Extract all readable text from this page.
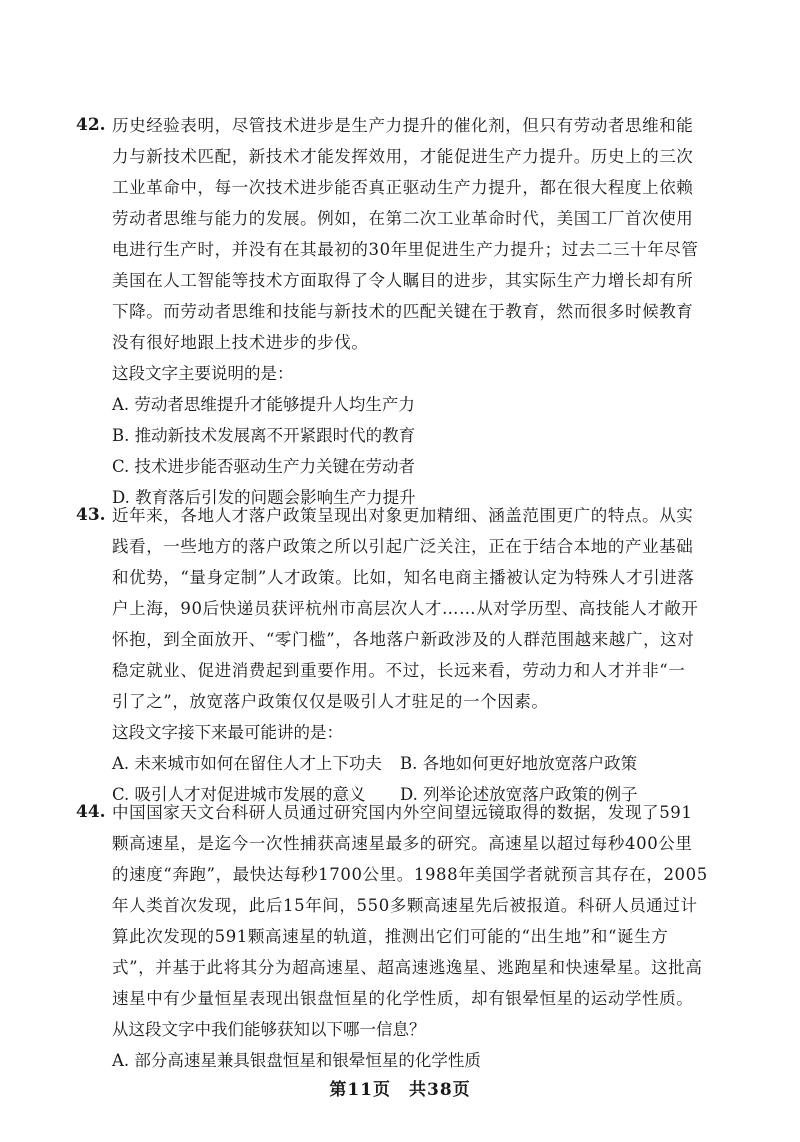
42. 历史经验表明，尽管技术进步是生产力提升的催化剂，但只有劳动者思维和能
力与新技术匹配，新技术才能发挥效用，才能促进生产力提升。历史上的三次
工业革命中，每一次技术进步能否真正驱动生产力提升，都在很大程度上依赖
劳动者思维与能力的发展。例如，在第二次工业革命时代，美国工厂首次使用
电进行生产时，并没有在其最初的30年里促进生产力提升；过去二三十年尽管
美国在人工智能等技术方面取得了令人瞩目的进步，其实际生产力增长却有所
下降。而劳动者思维和技能与新技术的匹配关键在于教育，然而很多时候教育
没有很好地跟上技术进步的步伐。
这段文字主要说明的是：
A. 劳动者思维提升才能够提升人均生产力
B. 推动新技术发展离不开紧跟时代的教育
C. 技术进步能否驱动生产力关键在劳动者
D. 教育落后引发的问题会影响生产力提升
43. 近年来，各地人才落户政策呈现出对象更加精细、涵盖范围更广的特点。从实
践看，一些地方的落户政策之所以引起广泛关注，正在于结合本地的产业基础
和优势，“量身定制”人才政策。比如，知名电商主播被认定为特殊人才引进落
户上海，90后快递员获评杭州市高层次人才……从对学历型、高技能人才敞开
怀抱，到全面放开、“零门槛”，各地落户新政涉及的人群范围越来越广，这对
稳定就业、促进消费起到重要作用。不过，长远来看，劳动力和人才并非“一
引了之”，放宽落户政策仅仅是吸引人才驻足的一个因素。
这段文字接下来最可能讲的是：
A. 未来城市如何在留住人才上下功夫 B. 各地如何更好地放宽落户政策
C. 吸引人才对促进城市发展的意义 D. 列举论述放宽落户政策的例子
44. 中国国家天文台科研人员通过研究国内外空间望远镜取得的数据，发现了591
颗高速星，是迄今一次性捕获高速星最多的研究。高速星以超过每秒400公里
的速度“奔跑”，最快达每秒1700公里。1988年美国学者就预言其存在，2005
年人类首次发现，此后15年间，550多颗高速星先后被报道。科研人员通过计
算此次发现的591颗高速星的轨道，推测出它们可能的“出生地”和“诞生方
式”，并基于此将其分为超高速星、超高速逃逸星、逃跑星和快速晕星。这批高
速星中有少量恒星表现出银盘恒星的化学性质，却有银晕恒星的运动学性质。
从这段文字中我们能够获知以下哪一信息？
A. 部分高速星兼具银盘恒星和银晕恒星的化学性质
第11页　共38页
